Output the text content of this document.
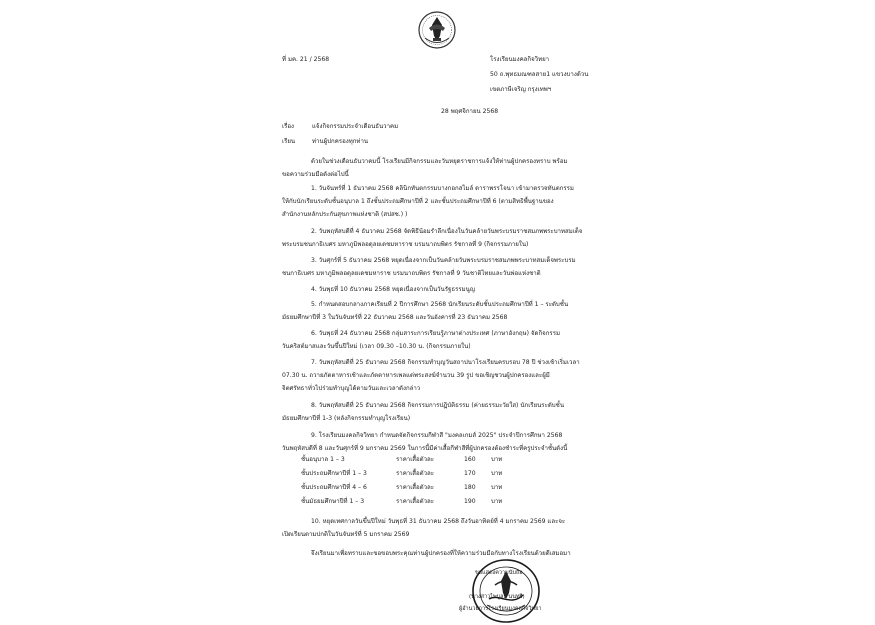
ที่ มค. 21 / 2568	โรงเรียนมงคลกิจวิทยา
50 ถ.พุทธมณฑลสาย1 แขวงบางด้วน
เขตภาษีเจริญ กรุงเทพฯ
28 พฤศจิกายน 2568
เรื่อง	แจ้งกิจกรรมประจำเดือนธันวาคม
เรียน	ท่านผู้ปกครองทุกท่าน
ด้วยในช่วงเดือนธันวาคมนี้ โรงเรียนมีกิจกรรมและวันหยุดราชการแจ้งให้ท่านผู้ปกครองทราบ พร้อม
ขอความร่วมมือดังต่อไปนี้
1. วันจันทร์ที่ 1 ธันวาคม 2568 คลินิกทันตกรรมบางกอกสไมล์ ดาราพรรโจนา เข้ามาตรวจทันตกรรม
ให้กับนักเรียนระดับชั้นอนุบาล 1 ถึงชั้นประถมศึกษาปีที่ 2 และชั้นประถมศึกษาปีที่ 6 (ตามสิทธิพื้นฐานของ
สำนักงานหลักประกันสุขภาพแห่งชาติ (สปสช.) )
2. วันพฤหัสบดีที่ 4 ธันวาคม 2568 จัดพิธีน้อมรำลึกเนื่องในวันคล้ายวันพระบรมราชสมภพพระบาทสมเด็จ
พระบรมชนกาธิเบศร มหาภูมิพลอดุลยเดชมหาราช บรมนาถบพิตร รัชกาลที่ 9 (กิจกรรมภายใน)
3. วันศุกร์ที่ 5 ธันวาคม 2568 หยุดเนื่องจากเป็นวันคล้ายวันพระบรมราชสมภพพระบาทสมเด็จพระบรม
ชนกาธิเบศร มหาภูมิพลอดุลยเดชมหาราช บรมนาถบพิตร รัชกาลที่ 9 วันชาติไทยและวันพ่อแห่งชาติ
4. วันพุธที่ 10 ธันวาคม 2568 หยุดเนื่องจากเป็นวันรัฐธรรมนูญ
5. กำหนดสอบกลางภาคเรียนที่ 2 ปีการศึกษา 2568 นักเรียนระดับชั้นประถมศึกษาปีที่ 1 – ระดับชั้น
มัธยมศึกษาปีที่ 3 ในวันจันทร์ที่ 22 ธันวาคม 2568 และวันอังคารที่ 23 ธันวาคม 2568
6. วันพุธที่ 24 ธันวาคม 2568 กลุ่มสาระการเรียนรู้ภาษาต่างประเทศ (ภาษาอังกฤษ) จัดกิจกรรม
วันคริสต์มาสและวันขึ้นปีใหม่ (เวลา 09.30 –10.30 น. (กิจกรรมภายใน)
7. วันพฤหัสบดีที่ 25 ธันวาคม 2568 กิจกรรมทำบุญวันสถาปนาโรงเรียนครบรอบ 78 ปี ช่วงเช้าเริ่มเวลา
07.30 น. ถวายภัตตาหารเช้าและภัตตาหารเพลแด่พระสงฆ์จำนวน 39 รูป ขอเชิญชวนผู้ปกครองและผู้มี
จิตศรัทธาทั่วไปร่วมทำบุญได้ตามวันและเวลาดังกล่าว
8. วันพฤหัสบดีที่ 25 ธันวาคม 2568 กิจกรรมการปฏิบัติธรรม (ค่ายธรรมะวัยใส) นักเรียนระดับชั้น
มัธยมศึกษาปีที่ 1-3 (หลังกิจกรรมทำบุญโรงเรียน)
9. โรงเรียนมงคลกิจวิทยา กำหนดจัดกิจกรรมกีฬาสี "มงคลเกมส์ 2025" ประจำปีการศึกษา 2568
วันพฤหัสบดีที่ 8 และวันศุกร์ที่ 9 มกราคม 2569 ในการนี้มีค่าเสื้อกีฬาสีที่ผู้ปกครองต้องชำระที่ครูประจำชั้นดังนี้
ชั้นอนุบาล 1 – 3	ราคาเสื้อตัวละ	160	บาท
ชั้นประถมศึกษาปีที่ 1 – 3	ราคาเสื้อตัวละ	170	บาท
ชั้นประถมศึกษาปีที่ 4 – 6	ราคาเสื้อตัวละ	180	บาท
ชั้นมัธยมศึกษาปีที่ 1 – 3	ราคาเสื้อตัวละ	190	บาท
10. หยุดเทศกาลวันขึ้นปีใหม่ วันพุธที่ 31 ธันวาคม 2568 ถึงวันอาทิตย์ที่ 4 มกราคม 2569 และจะ
เปิดเรียนตามปกติในวันจันทร์ที่ 5 มกราคม 2569
จึงเรียนมาเพื่อทราบและขอขอบพระคุณท่านผู้ปกครองที่ให้ความร่วมมือกับทางโรงเรียนด้วยดีเสมอมา
ขอแสดงความนับถือ
(นางสาวไพบูลย์ นนทรี)
ผู้อำนวยการโรงเรียนมงคลกิจวิทยา
